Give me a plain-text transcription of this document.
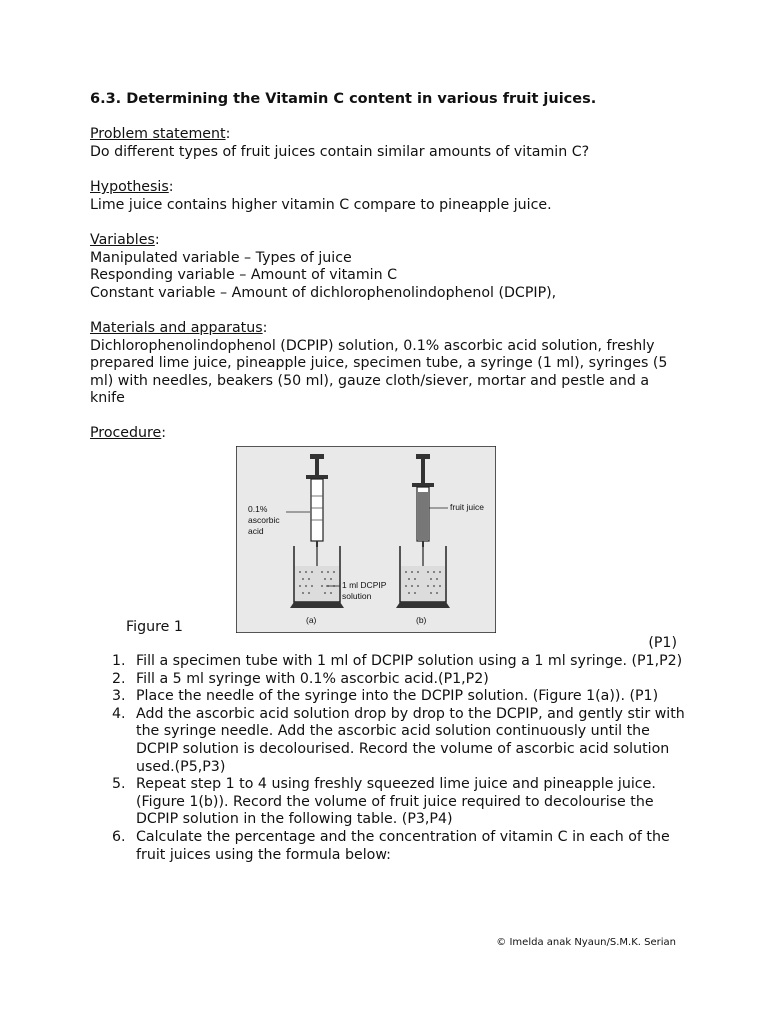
6.3. Determining the Vitamin C content in various fruit juices.
Problem statement:
Do different types of fruit juices contain similar amounts of vitamin C?
Hypothesis:
Lime juice contains higher vitamin C compare to pineapple juice.
Variables:
Manipulated variable – Types of juice
Responding variable – Amount of vitamin C
Constant variable – Amount of dichlorophenolindophenol (DCPIP),
Materials and apparatus:
Dichlorophenolindophenol (DCPIP) solution, 0.1% ascorbic acid solution, freshly prepared lime juice, pineapple juice, specimen tube, a syringe (1 ml), syringes (5 ml) with needles, beakers (50 ml), gauze cloth/siever, mortar and pestle and a knife
Procedure:
0.1%
ascorbic
acid
fruit juice
1 ml DCPIP
solution
(a)	(b)
Figure 1
(P1)
1. Fill a specimen tube with 1 ml of DCPIP solution using a 1 ml syringe. (P1,P2)
2. Fill a 5 ml syringe with 0.1% ascorbic acid.(P1,P2)
3. Place the needle of the syringe into the DCPIP solution. (Figure 1(a)). (P1)
4. Add the ascorbic acid solution drop by drop to the DCPIP, and gently stir with the syringe needle. Add the ascorbic acid solution continuously until the DCPIP solution is decolourised. Record the volume of ascorbic acid solution used.(P5,P3)
5. Repeat step 1 to 4 using freshly squeezed lime juice and pineapple juice. (Figure 1(b)). Record the volume of fruit juice required to decolourise the DCPIP solution in the following table. (P3,P4)
6. Calculate the percentage and the concentration of vitamin C in each of the fruit juices using the formula below:
© Imelda anak Nyaun/S.M.K. Serian
